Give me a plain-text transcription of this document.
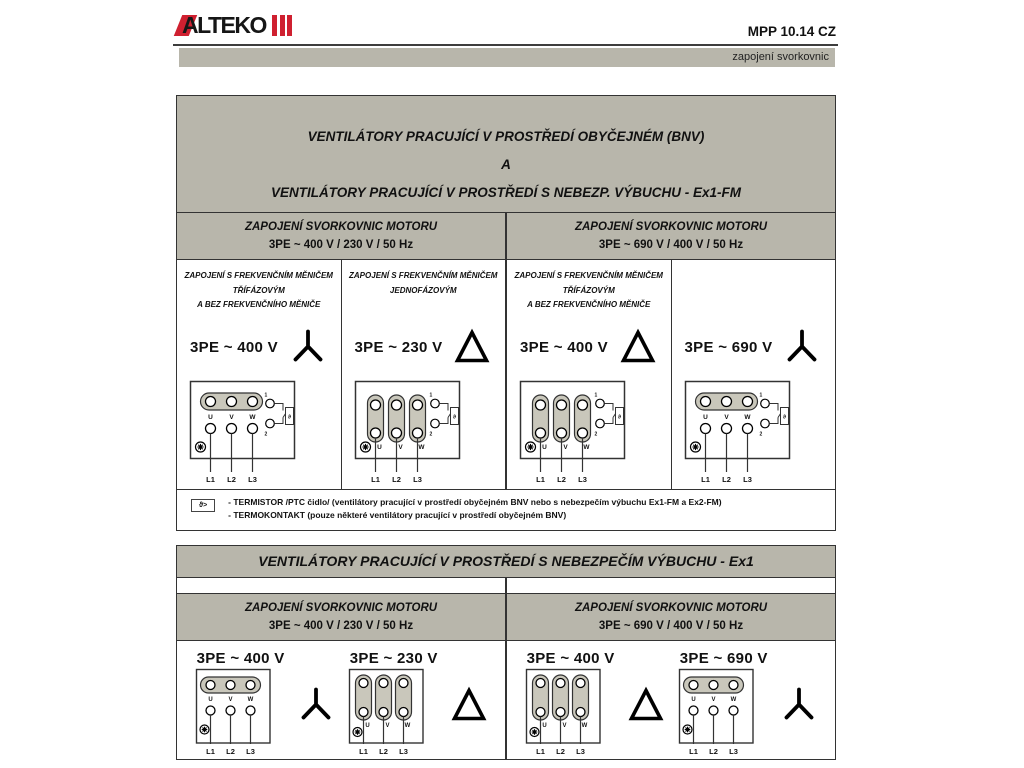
ALTEKO	MPP 10.14 CZ
zapojení svorkovnic
VENTILÁTORY PRACUJÍCÍ V PROSTŘEDÍ OBYČEJNÉM (BNV)
A
VENTILÁTORY PRACUJÍCÍ V PROSTŘEDÍ S NEBEZP. VÝBUCHU - Ex1-FM
ZAPOJENÍ SVORKOVNIC MOTORU
3PE ~ 400 V / 230 V / 50 Hz
ZAPOJENÍ SVORKOVNIC MOTORU
3PE ~ 690 V / 400 V / 50 Hz
ZAPOJENÍ S FREKVENČNÍM MĚNIČEM
TŘÍFÁZOVÝM
A BEZ FREKVENČNÍHO MĚNIČE
3PE ~ 400 V
U	V W
L1 L2 L3
1
2
ϑ
ZAPOJENÍ S FREKVENČNÍM MĚNIČEM
JEDNOFÁZOVÝM
3PE ~ 230 V
U	V W
L1 L2 L3
1
2
ϑ
ZAPOJENÍ S FREKVENČNÍM MĚNIČEM
TŘÍFÁZOVÝM
A BEZ FREKVENČNÍHO MĚNIČE
3PE ~ 400 V
U	V W
L1 L2 L3
1
2
ϑ
3PE ~ 690 V
U	V W
L1 L2 L3
1
2
ϑ
ϑ>	- TERMISTOR /PTC čidlo/ (ventilátory pracující v prostředí obyčejném BNV nebo s nebezpečím výbuchu Ex1-FM a Ex2-FM)
- TERMOKONTAKT (pouze některé ventilátory pracující v prostředí obyčejném BNV)
VENTILÁTORY PRACUJÍCÍ V PROSTŘEDÍ S NEBEZPEČÍM VÝBUCHU - Ex1
ZAPOJENÍ SVORKOVNIC MOTORU
3PE ~ 400 V / 230 V / 50 Hz
ZAPOJENÍ SVORKOVNIC MOTORU
3PE ~ 690 V / 400 V / 50 Hz
3PE ~ 400 V
U	V	W
L1 L2 L3
3PE ~ 230 V
U	V	W
L1 L2 L3
3PE ~ 400 V
U	V	W
L1 L2 L3
3PE ~ 690 V
U	V	W
L1 L2 L3
